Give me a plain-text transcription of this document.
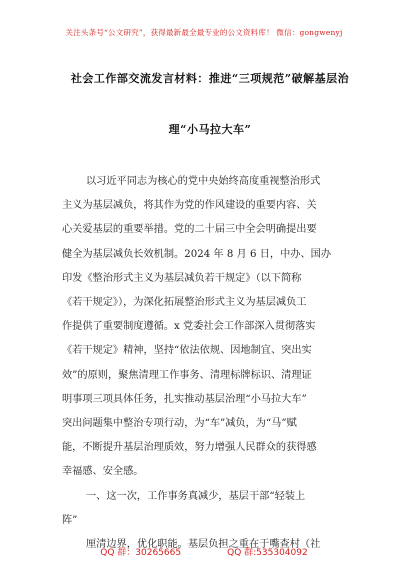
关注头条号“公文研究”，获得最新最全最专业的公文资料库！ 微信：gongwenyj
社会工作部交流发言材料：推进“三项规范”破解基层治
理“小马拉大车”
以习近平同志为核心的党中央始终高度重视整治形式
主义为基层减负，将其作为党的作风建设的重要内容、关
心关爱基层的重要举措。党的二十届三中全会明确提出要
健全为基层减负长效机制。2024 年 8 月 6 日，中办、国办
印发《整治形式主义为基层减负若干规定》（以下简称
《若干规定》），为深化拓展整治形式主义为基层减负工
作提供了重要制度遵循。x 党委社会工作部深入贯彻落实
《若干规定》精神，坚持“依法依规、因地制宜、突出实
效”的原则，聚焦清理工作事务、清理标牌标识、清理证
明事项三项具体任务，扎实推动基层治理“小马拉大车”
突出问题集中整治专项行动，为“车”减负，为“马”赋
能，不断提升基层治理质效，努力增强人民群众的获得感
幸福感、安全感。
一、这一次，工作事务真减少，基层干部“轻装上
阵”
厘清边界，优化职能。基层负担之重在于嘴查村（社
QQ 群：30265665	QQ 群:535304092
